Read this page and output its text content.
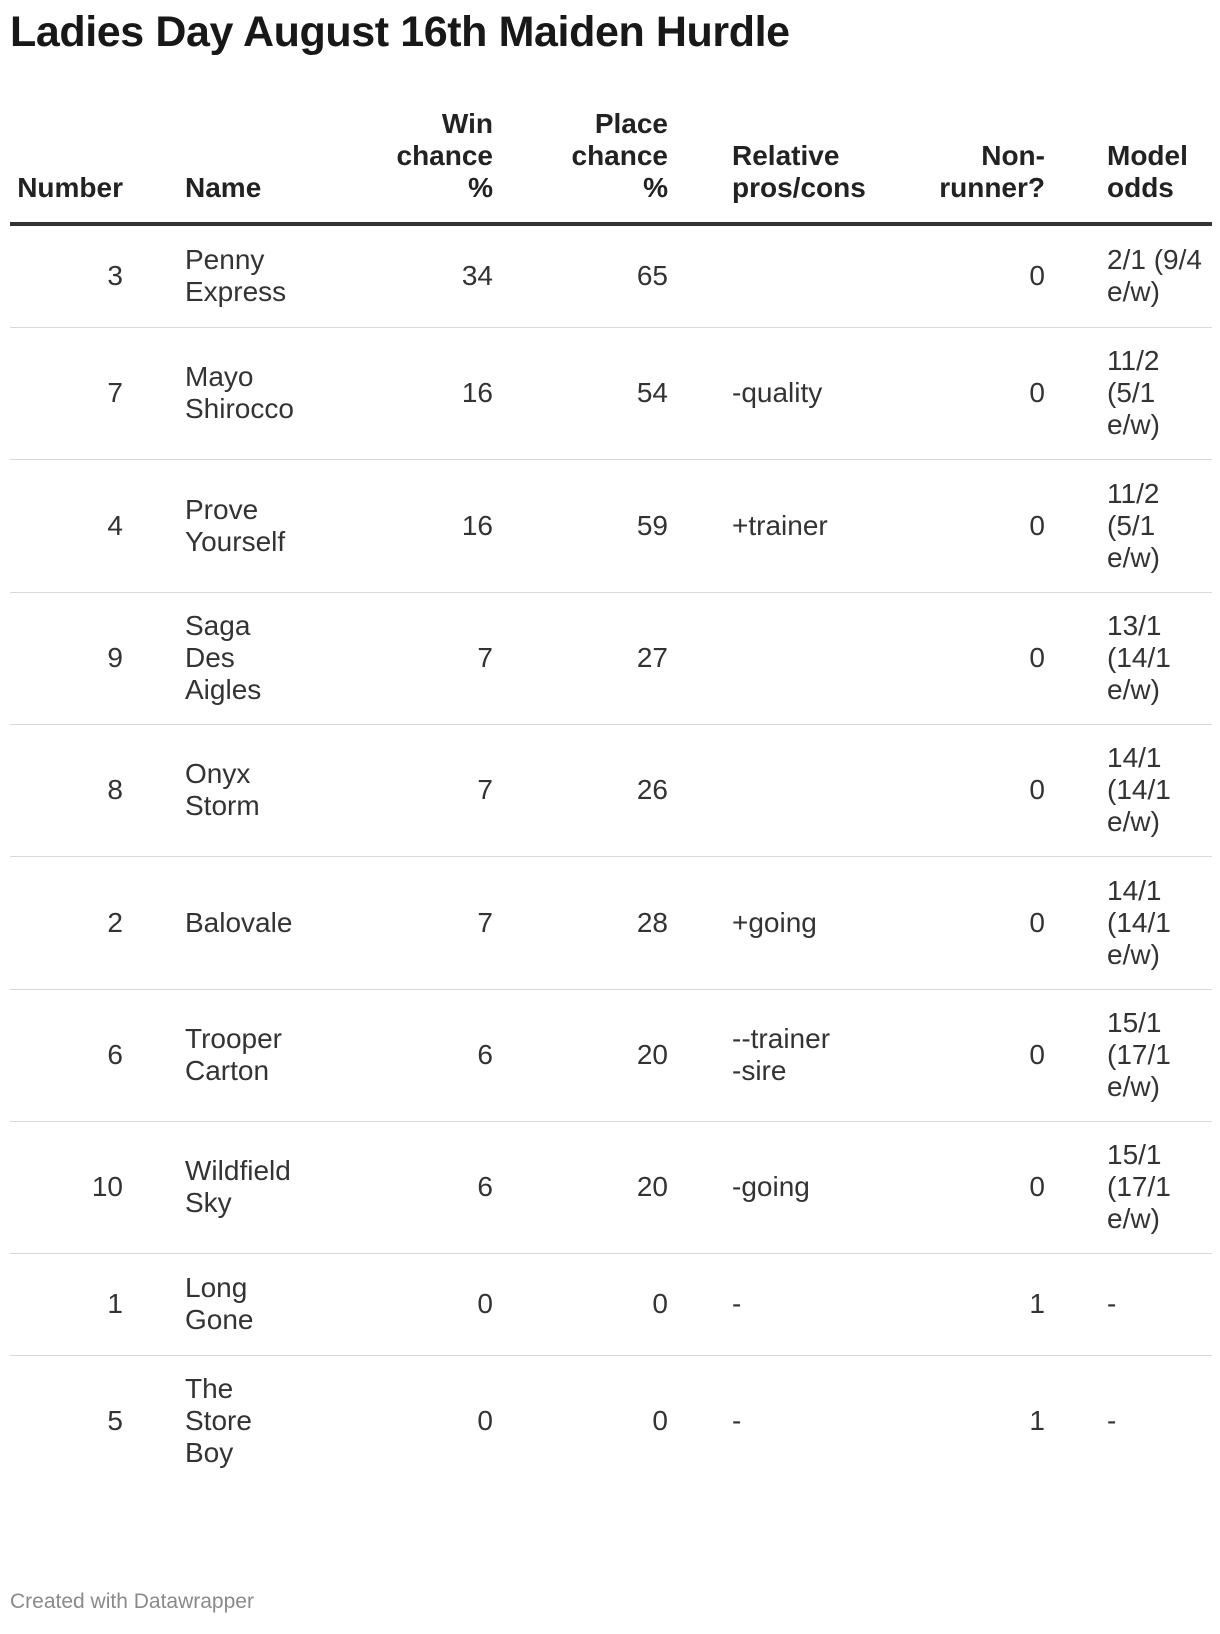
Ladies Day August 16th Maiden Hurdle
Number	Name	Win
chance
%	Place
chance
%	Relative
pros/cons	Non-
runner?	Model
odds

3	Penny
Express	34	65		0	2/1 (9/4
e/w)

7	Mayo
Shirocco	16	54	-quality	0	11/2
(5/1
e/w)

4	Prove
Yourself	16	59	+trainer	0	11/2
(5/1
e/w)

9	Saga
Des
Aigles	7	27		0	13/1
(14/1
e/w)

8	Onyx
Storm	7	26		0	14/1
(14/1
e/w)

2	Balovale	7	28	+going	0	14/1
(14/1
e/w)

6	Trooper
Carton	6	20	--trainer
-sire	0	15/1
(17/1
e/w)

10	Wildfield
Sky	6	20	-going	0	15/1
(17/1
e/w)

1	Long
Gone	0	0	-	1	-

5	The
Store
Boy	0	0	-	1	-
Created with Datawrapper
